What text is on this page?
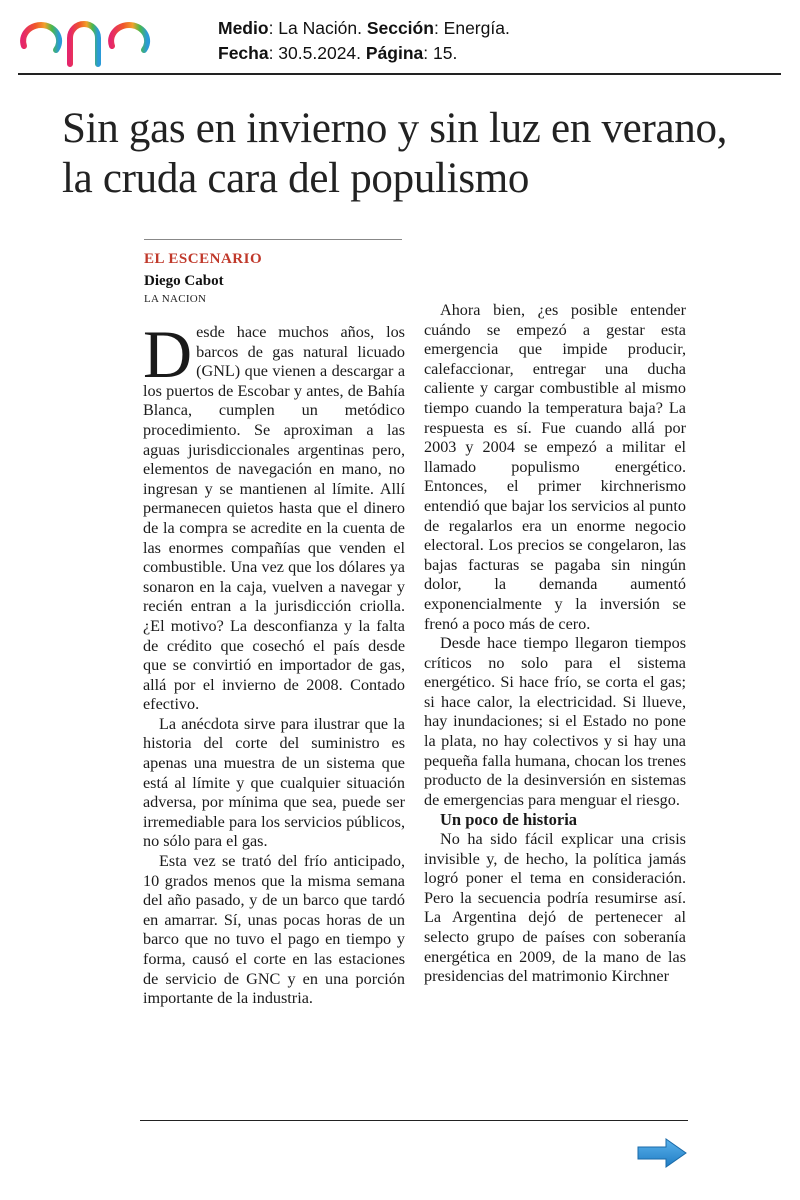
Medio: La Nación. Sección: Energía.
Fecha: 30.5.2024. Página: 15.
Sin gas en invierno y sin luz en verano, la cruda cara del populismo
EL ESCENARIO
Diego Cabot
LA NACION

Desde hace muchos años, los barcos de gas natural licuado (GNL) que vienen a descargar a los puertos de Escobar y antes, de Bahía Blanca, cumplen un metódico procedimiento. Se aproximan a las aguas jurisdiccionales argentinas pero, elementos de navegación en mano, no ingresan y se mantienen al límite. Allí permanecen quietos hasta que el dinero de la compra se acredite en la cuenta de las enormes compañías que venden el combustible. Una vez que los dólares ya sonaron en la caja, vuelven a navegar y recién entran a la jurisdicción criolla. ¿El motivo? La desconfianza y la falta de crédito que cosechó el país desde que se convirtió en importador de gas, allá por el invierno de 2008. Contado efectivo.

La anécdota sirve para ilustrar que la historia del corte del suministro es apenas una muestra de un sistema que está al límite y que cualquier situación adversa, por mínima que sea, puede ser irremediable para los servicios públicos, no sólo para el gas.

Esta vez se trató del frío anticipado, 10 grados menos que la misma semana del año pasado, y de un barco que tardó en amarrar. Sí, unas pocas horas de un barco que no tuvo el pago en tiempo y forma, causó el corte en las estaciones de servicio de GNC y en una porción importante de la industria.

Ahora bien, ¿es posible entender cuándo se empezó a gestar esta emergencia que impide producir, calefaccionar, entregar una ducha caliente y cargar combustible al mismo tiempo cuando la temperatura baja? La respuesta es sí. Fue cuando allá por 2003 y 2004 se empezó a militar el llamado populismo energético. Entonces, el primer kirchnerismo entendió que bajar los servicios al punto de regalarlos era un enorme negocio electoral. Los precios se congelaron, las bajas facturas se pagaba sin ningún dolor, la demanda aumentó exponencialmente y la inversión se frenó a poco más de cero.

Desde hace tiempo llegaron tiempos críticos no solo para el sistema energético. Si hace frío, se corta el gas; si hace calor, la electricidad. Si llueve, hay inundaciones; si el Estado no pone la plata, no hay colectivos y si hay una pequeña falla humana, chocan los trenes producto de la desinversión en sistemas de emergencias para menguar el riesgo.

Un poco de historia

No ha sido fácil explicar una crisis invisible y, de hecho, la política jamás logró poner el tema en consideración. Pero la secuencia podría resumirse así. La Argentina dejó de pertenecer al selecto grupo de países con soberanía energética en 2009, de la mano de las presidencias del matrimonio Kirchner
